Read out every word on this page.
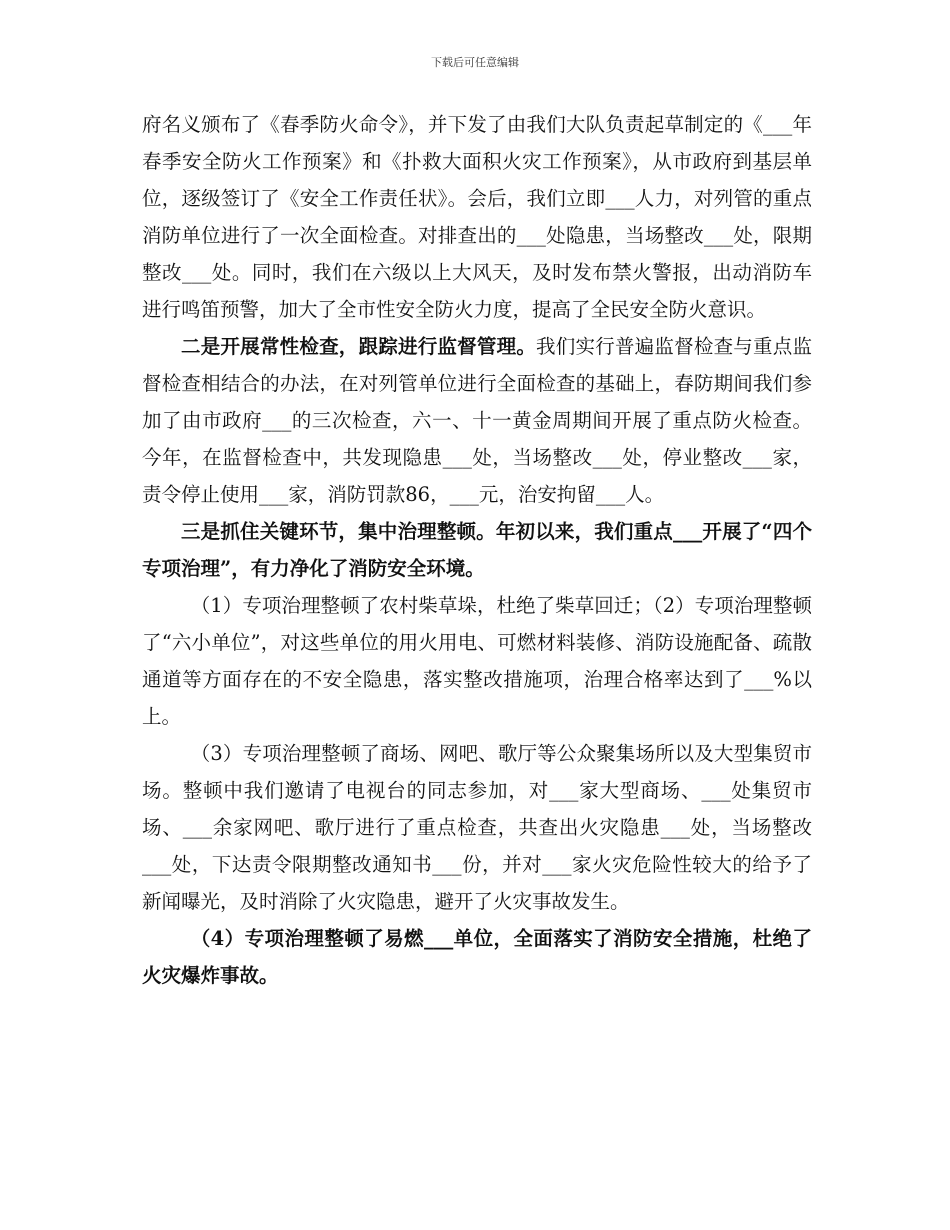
下载后可任意编辑

府名义颁布了《春季防火命令》，并下发了由我们大队负责起草制定的《___年春季安全防火工作预案》和《扑救大面积火灾工作预案》，从市政府到基层单位，逐级签订了《安全工作责任状》。会后，我们立即___人力，对列管的重点消防单位进行了一次全面检查。对排查出的___处隐患，当场整改___处，限期整改___处。同时，我们在六级以上大风天，及时发布禁火警报，出动消防车进行鸣笛预警，加大了全市性安全防火力度，提高了全民安全防火意识。

二是开展常性检查，跟踪进行监督管理。我们实行普遍监督检查与重点监督检查相结合的办法，在对列管单位进行全面检查的基础上，春防期间我们参加了由市政府___的三次检查，六一、十一黄金周期间开展了重点防火检查。今年，在监督检查中，共发现隐患___处，当场整改___处，停业整改___家，责令停止使用___家，消防罚款86，___元，治安拘留___人。

三是抓住关键环节，集中治理整顿。年初以来，我们重点___开展了“四个专项治理”，有力净化了消防安全环境。

（1）专项治理整顿了农村柴草垛，杜绝了柴草回迁；（2）专项治理整顿了“六小单位”，对这些单位的用火用电、可燃材料装修、消防设施配备、疏散通道等方面存在的不安全隐患，落实整改措施项，治理合格率达到了___%以上。

（3）专项治理整顿了商场、网吧、歌厅等公众聚集场所以及大型集贸市场。整顿中我们邀请了电视台的同志参加，对___家大型商场、___处集贸市场、___余家网吧、歌厅进行了重点检查，共查出火灾隐患___处，当场整改___处，下达责令限期整改通知书___份，并对___家火灾危险性较大的给予了新闻曝光，及时消除了火灾隐患，避开了火灾事故发生。

（4）专项治理整顿了易燃___单位，全面落实了消防安全措施，杜绝了火灾爆炸事故。
